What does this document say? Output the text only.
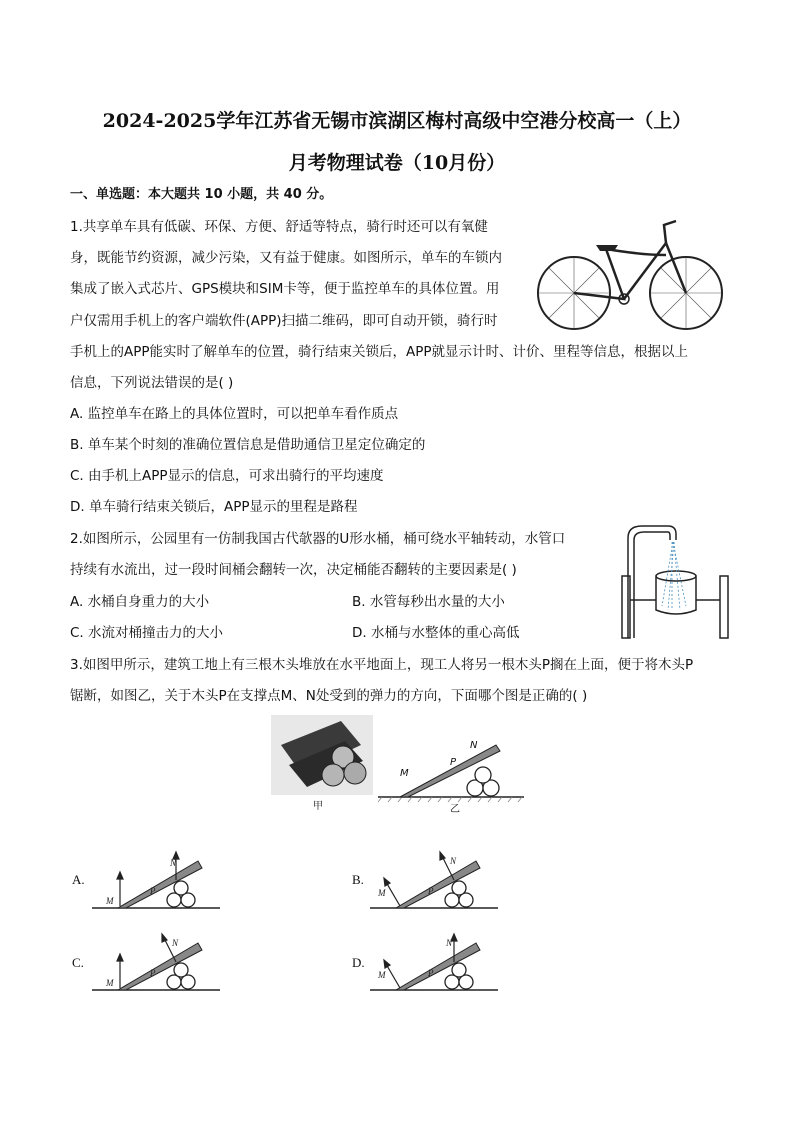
2024-2025学年江苏省无锡市滨湖区梅村高级中空港分校高一（上）
月考物理试卷（10月份）
一、单选题：本大题共 10 小题，共 40 分。
1.共享单车具有低碳、环保、方便、舒适等特点，骑行时还可以有氧健
身，既能节约资源，减少污染，又有益于健康。如图所示，单车的车锁内
集成了嵌入式芯片、GPS模块和SIM卡等，便于监控单车的具体位置。用
户仅需用手机上的客户端软件(APP)扫描二维码，即可自动开锁，骑行时
手机上的APP能实时了解单车的位置，骑行结束关锁后，APP就显示计时、计价、里程等信息，根据以上
信息，下列说法错误的是( )
A. 监控单车在路上的具体位置时，可以把单车看作质点
B. 单车某个时刻的准确位置信息是借助通信卫星定位确定的
C. 由手机上APP显示的信息，可求出骑行的平均速度
D. 单车骑行结束关锁后，APP显示的里程是路程
2.如图所示，公园里有一仿制我国古代欹器的U形水桶，桶可绕水平轴转动，水管口
持续有水流出，过一段时间桶会翻转一次，决定桶能否翻转的主要因素是( )
A. 水桶自身重力的大小	B. 水管每秒出水量的大小
C. 水流对桶撞击力的大小	D. 水桶与水整体的重心高低
3.如图甲所示，建筑工地上有三根木头堆放在水平地面上，现工人将另一根木头P搁在上面，便于将木头P
锯断，如图乙，关于木头P在支撑点M、N处受到的弹力的方向，下面哪个图是正确的( )
甲
M
N
P
乙
A.
M
N
P
B.
M
N
P
C.
M
N
P
D.
M
N
P
